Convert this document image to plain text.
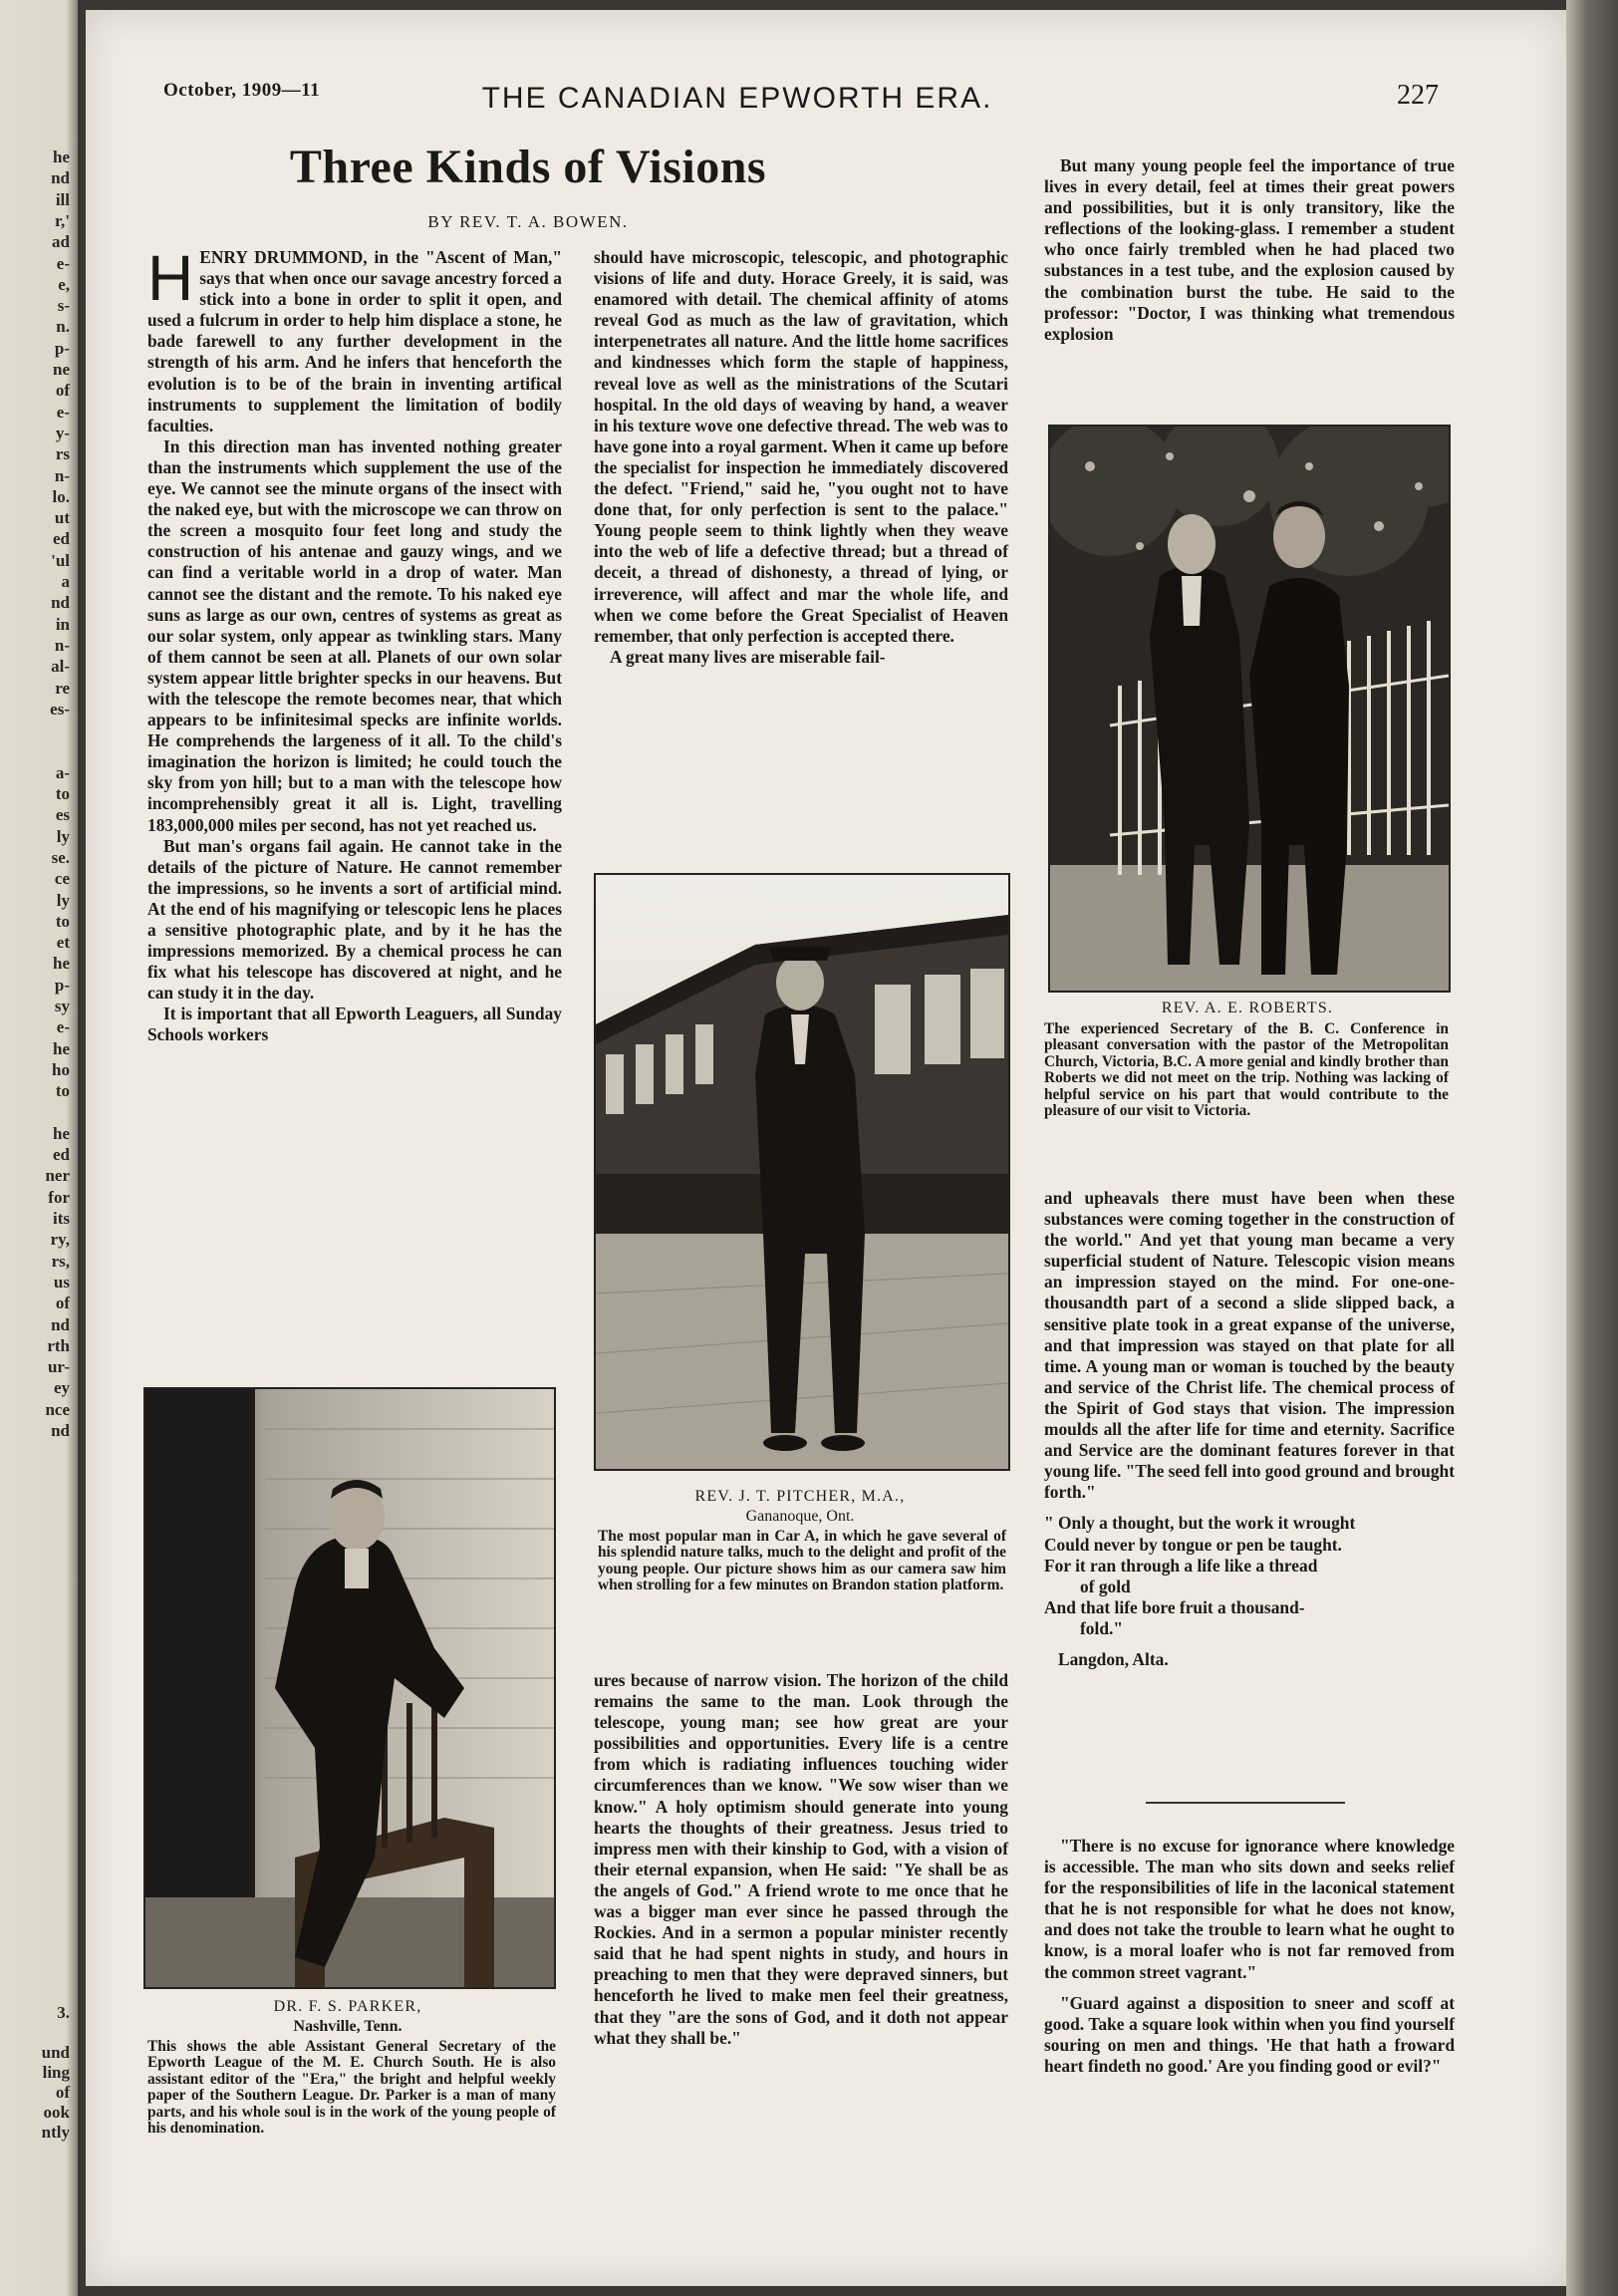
he
nd
ill
r,'
ad
e-
e,
s-
n.
p-
ne
of
e-
y-
rs
n-
lo.
ut
ed
'ul
a
nd
in
n-
al-
re
es-
a-
to
es
ly
se.
ce
ly
to
et
he
p-
sy
e-
he
ho
to
he
ed
ner
for
its
ry,
rs,
us
of
nd
rth
ur-
ey
nce
nd
3.
und
ling
of
ook
ntly
October, 1909—11	THE CANADIAN EPWORTH ERA.	227
Three Kinds of Visions
BY REV. T. A. BOWEN.

HENRY DRUMMOND, in the "Ascent of Man," says that when once our savage ancestry forced a stick into a bone in order to split it open, and used a fulcrum in order to help him displace a stone, he bade farewell to any further development in the strength of his arm. And he infers that henceforth the evolution is to be of the brain in inventing artifical instruments to supplement the limitation of bodily faculties.

In this direction man has invented nothing greater than the instruments which supplement the use of the eye. We cannot see the minute organs of the insect with the naked eye, but with the microscope we can throw on the screen a mosquito four feet long and study the construction of his antenae and gauzy wings, and we can find a veritable world in a drop of water. Man cannot see the distant and the remote. To his naked eye suns as large as our own, centres of systems as great as our solar system, only appear as twinkling stars. Many of them cannot be seen at all. Planets of our own solar system appear little brighter specks in our heavens. But with the telescope the remote becomes near, that which appears to be infinitesimal specks are infinite worlds. He comprehends the largeness of it all. To the child's imagination the horizon is limited; he could touch the sky from yon hill; but to a man with the telescope how incomprehensibly great it all is. Light, travelling 183,000,000 miles per second, has not yet reached us.

But man's organs fail again. He cannot take in the details of the picture of Nature. He cannot remember the impressions, so he invents a sort of artificial mind. At the end of his magnifying or telescopic lens he places a sensitive photographic plate, and by it he has the impressions memorized. By a chemical process he can fix what his telescope has discovered at night, and he can study it in the day.

It is important that all Epworth Leaguers, all Sunday Schools workers

DR. F. S. PARKER,
Nashville, Tenn.
This shows the able Assistant General Secretary of the Epworth League of the M. E. Church South. He is also assistant editor of the "Era," the bright and helpful weekly paper of the Southern League. Dr. Parker is a man of many parts, and his whole soul is in the work of the young people of his denomination.

should have microscopic, telescopic, and photographic visions of life and duty. Horace Greely, it is said, was enamored with detail. The chemical affinity of atoms reveal God as much as the law of gravitation, which interpenetrates all nature. And the little home sacrifices and kindnesses which form the staple of happiness, reveal love as well as the ministrations of the Scutari hospital. In the old days of weaving by hand, a weaver in his texture wove one defective thread. The web was to have gone into a royal garment. When it came up before the specialist for inspection he immediately discovered the defect. "Friend," said he, "you ought not to have done that, for only perfection is sent to the palace." Young people seem to think lightly when they weave into the web of life a defective thread; but a thread of deceit, a thread of dishonesty, a thread of lying, or irreverence, will affect and mar the whole life, and when we come before the Great Specialist of Heaven remember, that only perfection is accepted there.

A great many lives are miserable fail-

REV. J. T. PITCHER, M.A.,
Gananoque, Ont.
The most popular man in Car A, in which he gave several of his splendid nature talks, much to the delight and profit of the young people. Our picture shows him as our camera saw him when strolling for a few minutes on Brandon station platform.

ures because of narrow vision. The horizon of the child remains the same to the man. Look through the telescope, young man; see how great are your possibilities and opportunities. Every life is a centre from which is radiating influences touching wider circumferences than we know. "We sow wiser than we know." A holy optimism should generate into young hearts the thoughts of their greatness. Jesus tried to impress men with their kinship to God, with a vision of their eternal expansion, when He said: "Ye shall be as the angels of God." A friend wrote to me once that he was a bigger man ever since he passed through the Rockies. And in a sermon a popular minister recently said that he had spent nights in study, and hours in preaching to men that they were depraved sinners, but henceforth he lived to make men feel their greatness, that they "are the sons of God, and it doth not appear what they shall be."

But many young people feel the importance of true lives in every detail, feel at times their great powers and possibilities, but it is only transitory, like the reflections of the looking-glass. I remember a student who once fairly trembled when he had placed two substances in a test tube, and the explosion caused by the combination burst the tube. He said to the professor: "Doctor, I was thinking what tremendous explosion

REV. A. E. ROBERTS.
The experienced Secretary of the B. C. Conference in pleasant conversation with the pastor of the Metropolitan Church, Victoria, B.C. A more genial and kindly brother than Roberts we did not meet on the trip. Nothing was lacking of helpful service on his part that would contribute to the pleasure of our visit to Victoria.

and upheavals there must have been when these substances were coming together in the construction of the world." And yet that young man became a very superficial student of Nature. Telescopic vision means an impression stayed on the mind. For one-one-thousandth part of a second a slide slipped back, a sensitive plate took in a great expanse of the universe, and that impression was stayed on that plate for all time. A young man or woman is touched by the beauty and service of the Christ life. The chemical process of the Spirit of God stays that vision. The impression moulds all the after life for time and eternity. Sacrifice and Service are the dominant features forever in that young life. "The seed fell into good ground and brought forth."

" Only a thought, but the work it wrought
Could never by tongue or pen be taught.
For it ran through a life like a thread
of gold
And that life bore fruit a thousand-
fold."

Langdon, Alta.

"There is no excuse for ignorance where knowledge is accessible. The man who sits down and seeks relief for the responsibilities of life in the laconical statement that he is not responsible for what he does not know, and does not take the trouble to learn what he ought to know, is a moral loafer who is not far removed from the common street vagrant."

"Guard against a disposition to sneer and scoff at good. Take a square look within when you find yourself souring on men and things. 'He that hath a froward heart findeth no good.' Are you finding good or evil?"
